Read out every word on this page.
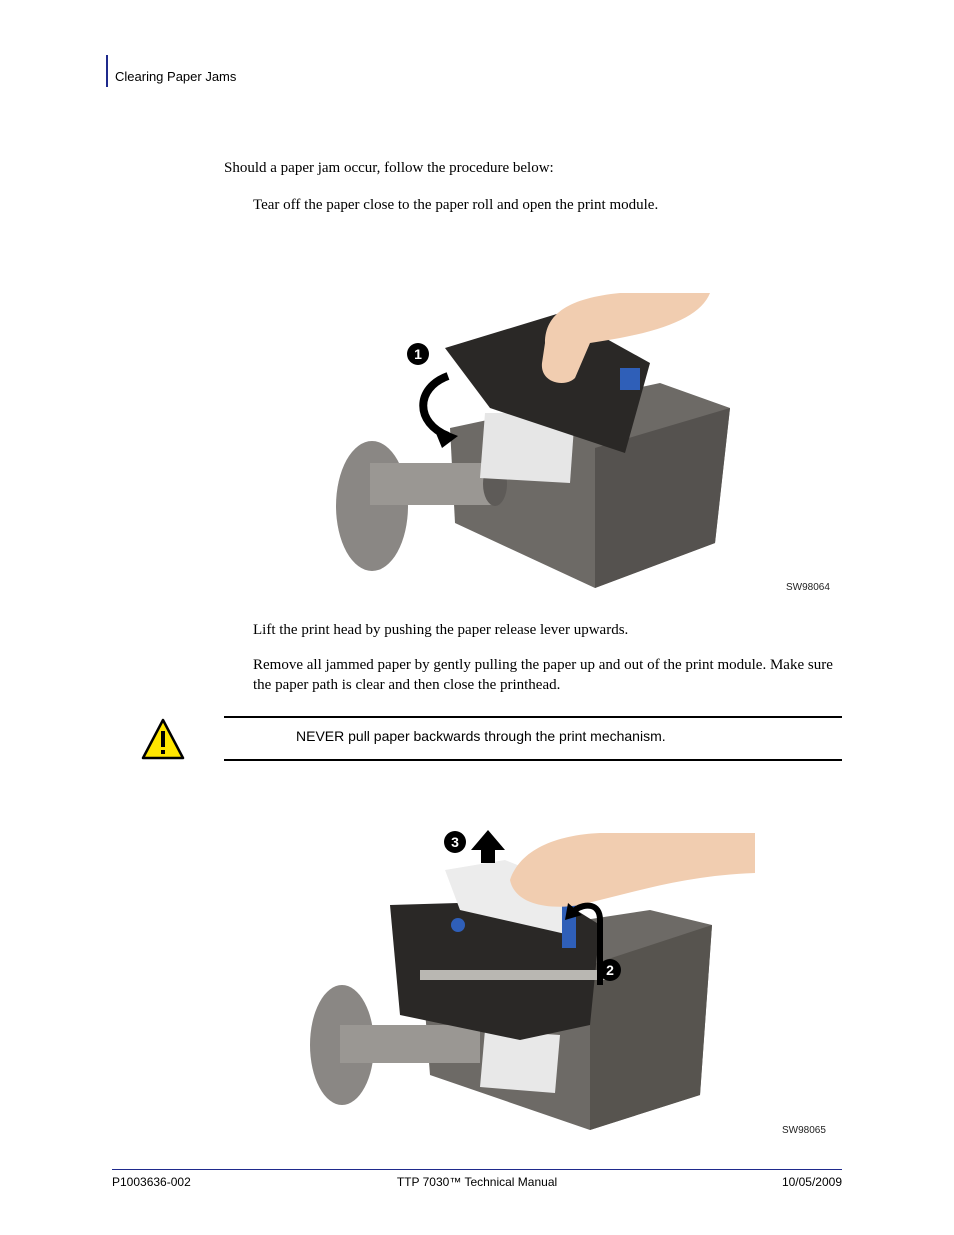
Clearing Paper Jams
Should a paper jam occur, follow the procedure below:
Tear off the paper close to the paper roll and open the print module.
1
SW98064
Lift the print head by pushing the paper release lever upwards.
Remove all jammed paper by gently pulling the paper up and out of the print module. Make sure the paper path is clear and then close the printhead.
NEVER pull paper backwards through the print mechanism.
3
2
SW98065
P1003636-002	TTP 7030™ Technical Manual	10/05/2009
